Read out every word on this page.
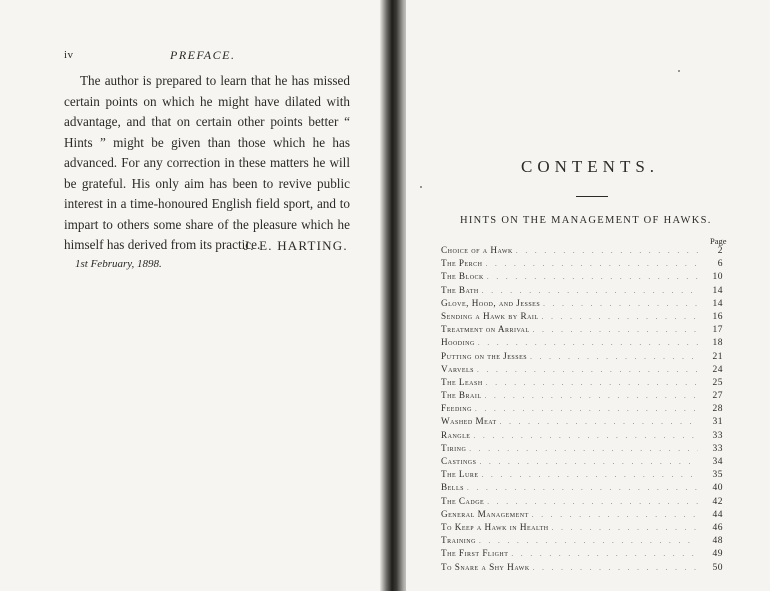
iv	PREFACE.

The author is prepared to learn that he has missed certain points on which he might have dilated with advantage, and that on certain other points better “ Hints ” might be given than those which he has advanced. For any correction in these matters he will be grateful. His only aim has been to revive public interest in a time-honoured English field sport, and to impart to others some share of the pleasure which he himself has derived from its practice.

J. E. HARTING.
1st February, 1898.
CONTENTS.
HINTS ON THE MANAGEMENT OF HAWKS.
Page
Choice of a Hawk . . .	2
The Perch . . .	6
The Block . . .	10
The Bath . . .	14
Glove, Hood, and Jesses . . .	14
Sending a Hawk by Rail . . .	16
Treatment on Arrival . . .	17
Hooding . . .	18
Putting on the Jesses . . .	21
Varvels . . .	24
The Leash . . .	25
The Brail . . .	27
Feeding . . .	28
Washed Meat . . .	31
Rangle . . .	33
Tiring . . .	33
Castings . . .	34
The Lure . . .	35
Bells . . .	40
The Cadge . . .	42
General Management . . .	44
To Keep a Hawk in Health . . .	46
Training . . .	48
The First Flight . . .	49
To Snare a Shy Hawk . . .	50
